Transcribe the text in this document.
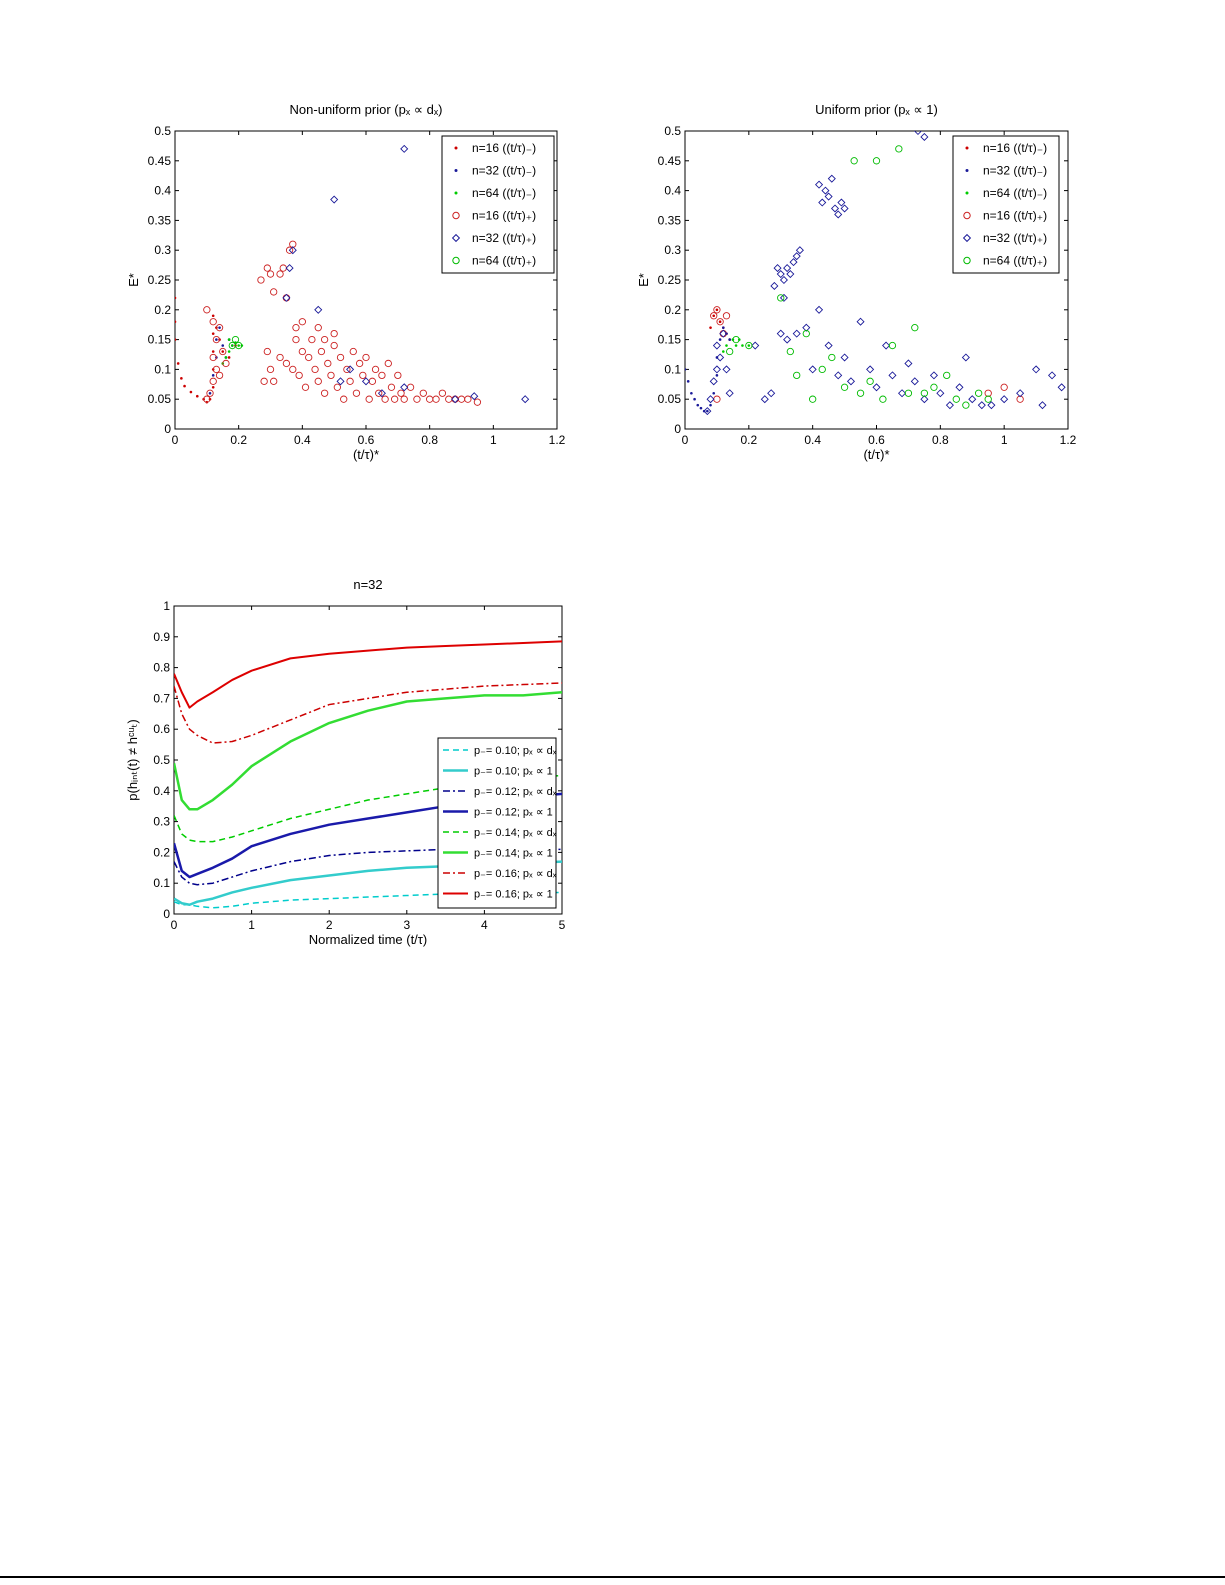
0	0.2	0.4	0.6	0.8	1	1.2
0
0.05
0.1
0.15
0.2
0.25
0.3
0.35
0.4
0.45
0.5
Non-uniform prior (pₓ ∝ dₓ)
(t/τ)*
E*
n=16 ((t/τ)₋)
n=32 ((t/τ)₋)
n=64 ((t/τ)₋)
n=16 ((t/τ)₊)
n=32 ((t/τ)₊)
n=64 ((t/τ)₊)
0	0.2	0.4	0.6	0.8	1	1.2
0
0.05
0.1
0.15
0.2
0.25
0.3
0.35
0.4
0.45
0.5
Uniform prior (pₓ ∝ 1)
(t/τ)*
E*
n=16 ((t/τ)₋)
n=32 ((t/τ)₋)
n=64 ((t/τ)₋)
n=16 ((t/τ)₊)
n=32 ((t/τ)₊)
n=64 ((t/τ)₊)
0	1	2	3	4	5
0
0.1
0.2
0.3
0.4
0.5
0.6
0.7
0.8
0.9
1
n=32
Normalized time (t/τ)
p(hᵢₙₜ(t) ≠ hᶜᵘₜ)	p₋= 0.10; pₓ ∝ dₓ
p₋= 0.10; pₓ ∝ 1
p₋= 0.12; pₓ ∝ dₓ
p₋= 0.12; pₓ ∝ 1
p₋= 0.14; pₓ ∝ dₓ
p₋= 0.14; pₓ ∝ 1
p₋= 0.16; pₓ ∝ dₓ
p₋= 0.16; pₓ ∝ 1
